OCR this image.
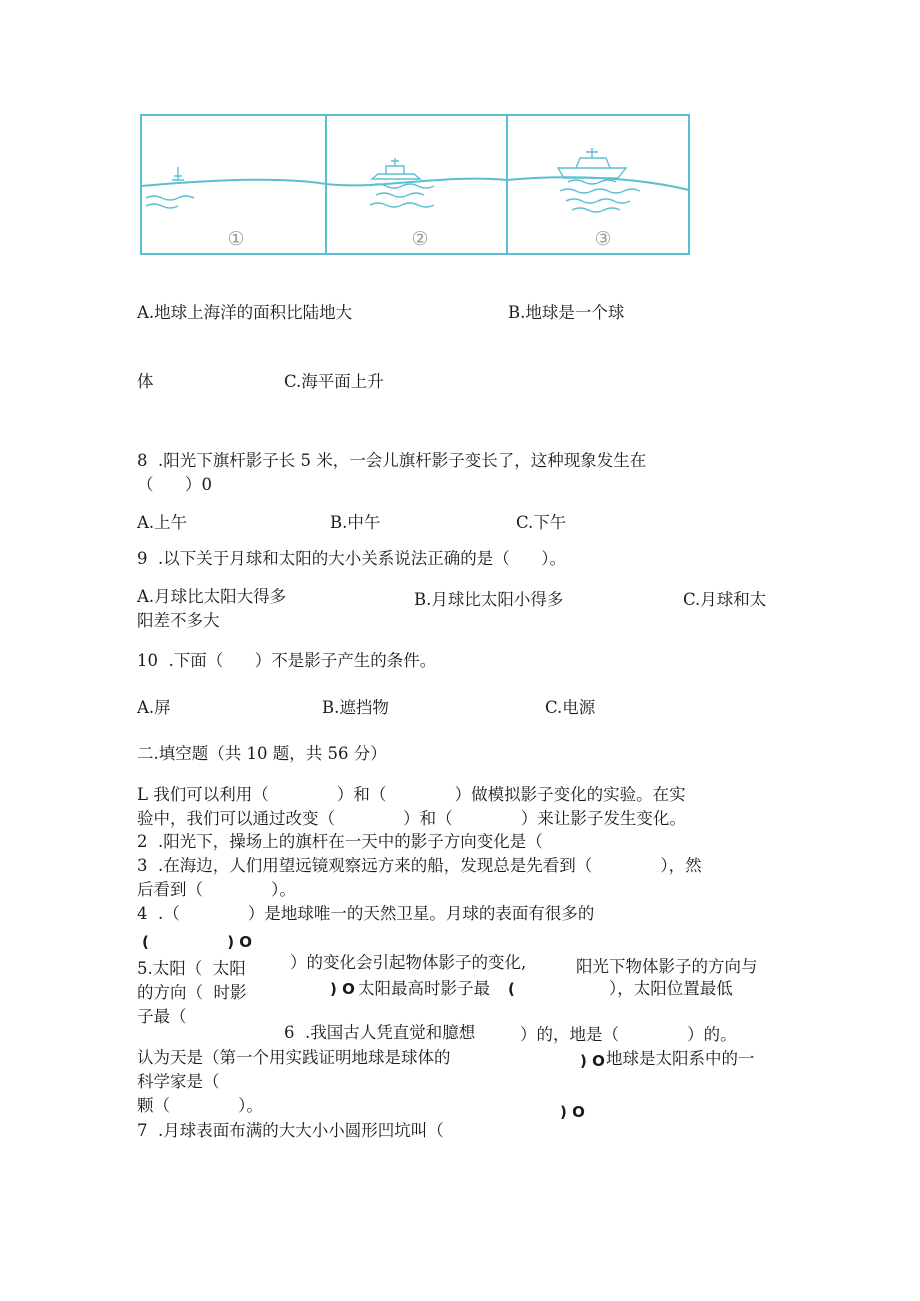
①	②	③
A.地球上海洋的面积比陆地大	B.地球是一个球
体	C.海平面上升
8  .阳光下旗杆影子长 5 米，一会儿旗杆影子变长了，这种现象发生在
（      ）0
A.上午	B.中午	C.下午
9  .以下关于月球和太阳的大小关系说法正确的是（      ）。
A.月球比太阳大得多	B.月球比太阳小得多	C.月球和太
阳差不多大
10  .下面（      ）不是影子产生的条件。
A.屏	B.遮挡物	C.电源
二.填空题（共 10 题，共 56 分）
L 我们可以利用（             ）和（             ）做模拟影子变化的实验。在实
验中，我们可以通过改变（             ）和（             ）来让影子发生变化。
2  .阳光下，操场上的旗杆在一天中的影子方向变化是（
3  .在海边，人们用望远镜观察远方来的船，发现总是先看到（             ），然
后看到（             ）。
4  .（             ）是地球唯一的天然卫星。月球的表面有很多的
(               ) O
5.太阳（  太阳	）的变化会引起物体影子的变化,	阳光下物体影子的方向与
的方向（  时影	) O 太阳最高时影子最 (	），太阳位置最低
子最（
6  .我国古人凭直觉和臆想	）的，地是（             ）的。
认为天是（第一个用实践证明地球是球体的	) O 地球是太阳系中的一
科学家是（
颗（             ）。	) O
7  .月球表面布满的大大小小圆形凹坑叫（
